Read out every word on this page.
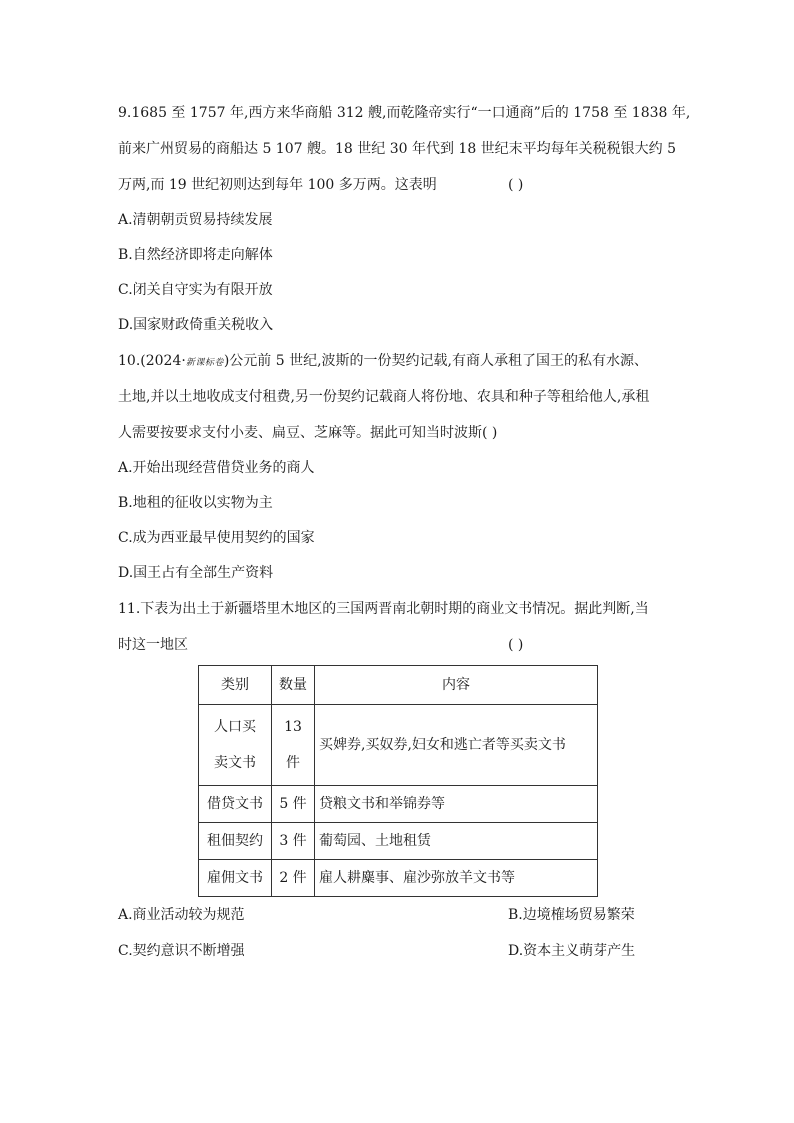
9.1685 至 1757 年,西方来华商船 312 艘,而乾隆帝实行“一口通商”后的 1758 至 1838 年,
前来广州贸易的商船达 5 107 艘。18 世纪 30 年代到 18 世纪末平均每年关税税银大约 5
万两,而 19 世纪初则达到每年 100 多万两。这表明	( )
A.清朝朝贡贸易持续发展
B.自然经济即将走向解体
C.闭关自守实为有限开放
D.国家财政倚重关税收入
10.(2024·新课标卷)公元前 5 世纪,波斯的一份契约记载,有商人承租了国王的私有水源、
土地,并以土地收成支付租费,另一份契约记载商人将份地、农具和种子等租给他人,承租
人需要按要求支付小麦、扁豆、芝麻等。据此可知当时波斯( )
A.开始出现经营借贷业务的商人
B.地租的征收以实物为主
C.成为西亚最早使用契约的国家
D.国王占有全部生产资料
11.下表为出土于新疆塔里木地区的三国两晋南北朝时期的商业文书情况。据此判断,当
时这一地区	( )
类别	数量	内容

人口买
卖文书	13 件	买婢券,买奴券,妇女和逃亡者等买卖文书
借贷文书	5 件	贷粮文书和举锦券等
租佃契约	3 件	葡萄园、土地租赁
雇佣文书	2 件	雇人耕麋事、雇沙弥放羊文书等
A.商业活动较为规范	B.边境榷场贸易繁荣
C.契约意识不断增强	D.资本主义萌芽产生
